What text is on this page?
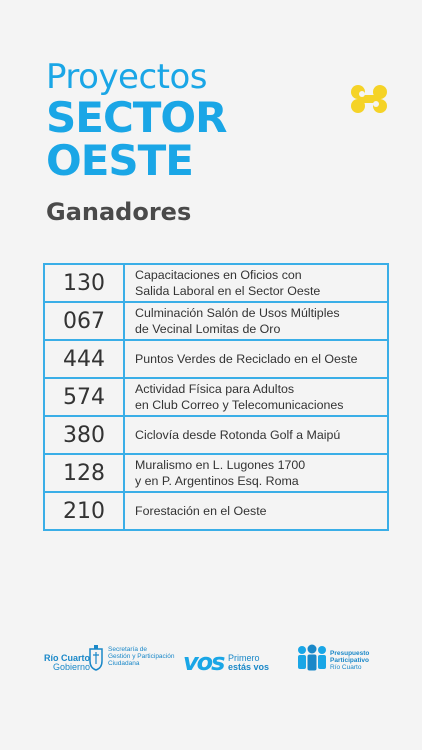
Proyectos
SECTOR
OESTE
Ganadores
130	Capacitaciones en Oficios con
Salida Laboral en el Sector Oeste

067	Culminación Salón de Usos Múltiples
de Vecinal Lomitas de Oro

444	Puntos Verdes de Reciclado en el Oeste

574	Actividad Física para Adultos
en Club Correo y Telecomunicaciones

380	Ciclovía desde Rotonda Golf a Maipú

128	Muralismo en L. Lugones 1700
y en P. Argentinos Esq. Roma

210	Forestación en el Oeste
Río Cuarto
Gobierno
Secretaría de
Gestión y Participación
Ciudadana	vos Primero
estás vos
Presupuesto
Participativo
Río Cuarto
